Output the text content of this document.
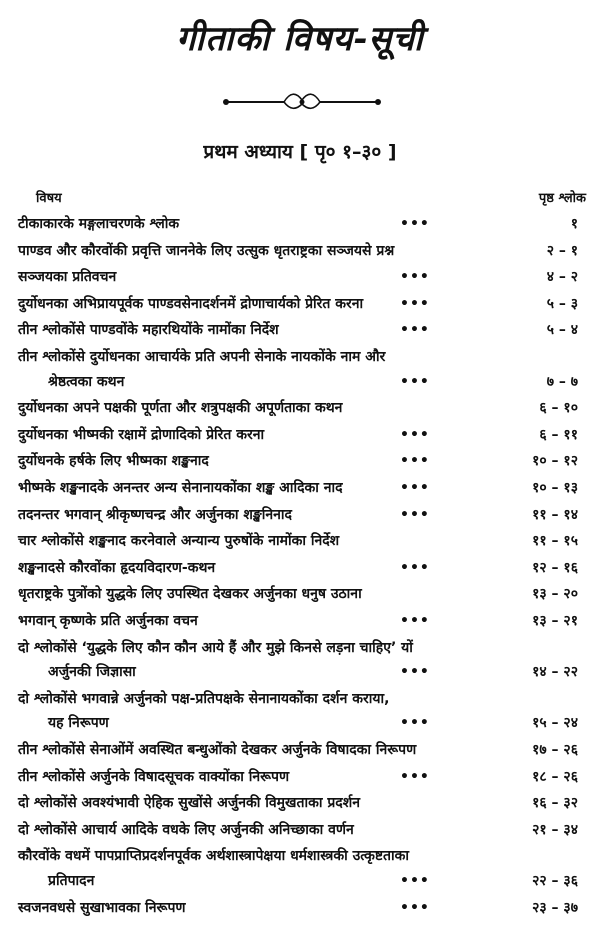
गीताकी विषय-सूची
प्रथम अध्याय [ पृ० १–३० ]
विषय	पृष्ठ श्लोक
टीकाकारके मङ्गलाचरणके श्लोक	•••	१
पाण्डव और कौरवोंकी प्रवृत्ति जाननेके लिए उत्सुक धृतराष्ट्रका सञ्जयसे प्रश्न	२ – १
सञ्जयका प्रतिवचन	•••	४ – २
दुर्योधनका अभिप्रायपूर्वक पाण्डवसेनादर्शनमें द्रोणाचार्यको प्रेरित करना	•••	५ – ३
तीन श्लोकोंसे पाण्डवोंके महारथियोंके नामोंका निर्देश	•••	५ – ४
तीन श्लोकोंसे दुर्योधनका आचार्यके प्रति अपनी सेनाके नायकोंके नाम और
श्रेष्ठत्वका कथन	•••	७ – ७
दुर्योधनका अपने पक्षकी पूर्णता और शत्रुपक्षकी अपूर्णताका कथन	६ – १०
दुर्योधनका भीष्मकी रक्षामें द्रोणादिको प्रेरित करना	•••	६ – ११
दुर्योधनके हर्षके लिए भीष्मका शङ्खनाद	•••	१० – १२
भीष्मके शङ्खनादके अनन्तर अन्य सेनानायकोंका शङ्ख आदिका नाद	•••	१० – १३
तदनन्तर भगवान् श्रीकृष्णचन्द्र और अर्जुनका शङ्खनिनाद	•••	११ – १४
चार श्लोकोंसे शङ्खनाद करनेवाले अन्यान्य पुरुषोंके नामोंका निर्देश	११ – १५
शङ्खनादसे कौरवोंका हृदयविदारण-कथन	•••	१२ – १६
धृतराष्ट्रके पुत्रोंको युद्धके लिए उपस्थित देखकर अर्जुनका धनुष उठाना	१३ – २०
भगवान् कृष्णके प्रति अर्जुनका वचन	•••	१३ – २१
दो श्लोकोंसे ‘युद्धके लिए कौन कौन आये हैं और मुझे किनसे लड़ना चाहिए’ यों
अर्जुनकी जिज्ञासा	•••	१४ – २२
दो श्लोकोंसे भगवान्ने अर्जुनको पक्ष-प्रतिपक्षके सेनानायकोंका दर्शन कराया,
यह निरूपण	•••	१५ – २४
तीन श्लोकोंसे सेनाओंमें अवस्थित बन्धुओंको देखकर अर्जुनके विषादका निरूपण	१७ – २६
तीन श्लोकोंसे अर्जुनके विषादसूचक वाक्योंका निरूपण	•••	१८ – २६
दो श्लोकोंसे अवश्यंभावी ऐहिक सुखोंसे अर्जुनकी विमुखताका प्रदर्शन	१६ – ३२
दो श्लोकोंसे आचार्य आदिके वधके लिए अर्जुनकी अनिच्छाका वर्णन	२१ – ३४
कौरवोंके वधमें पापप्राप्तिप्रदर्शनपूर्वक अर्थशास्त्रापेक्षया धर्मशास्त्रकी उत्कृष्टताका
प्रतिपादन	•••	२२ – ३६
स्वजनवधसे सुखाभावका निरूपण	•••	२३ – ३७
